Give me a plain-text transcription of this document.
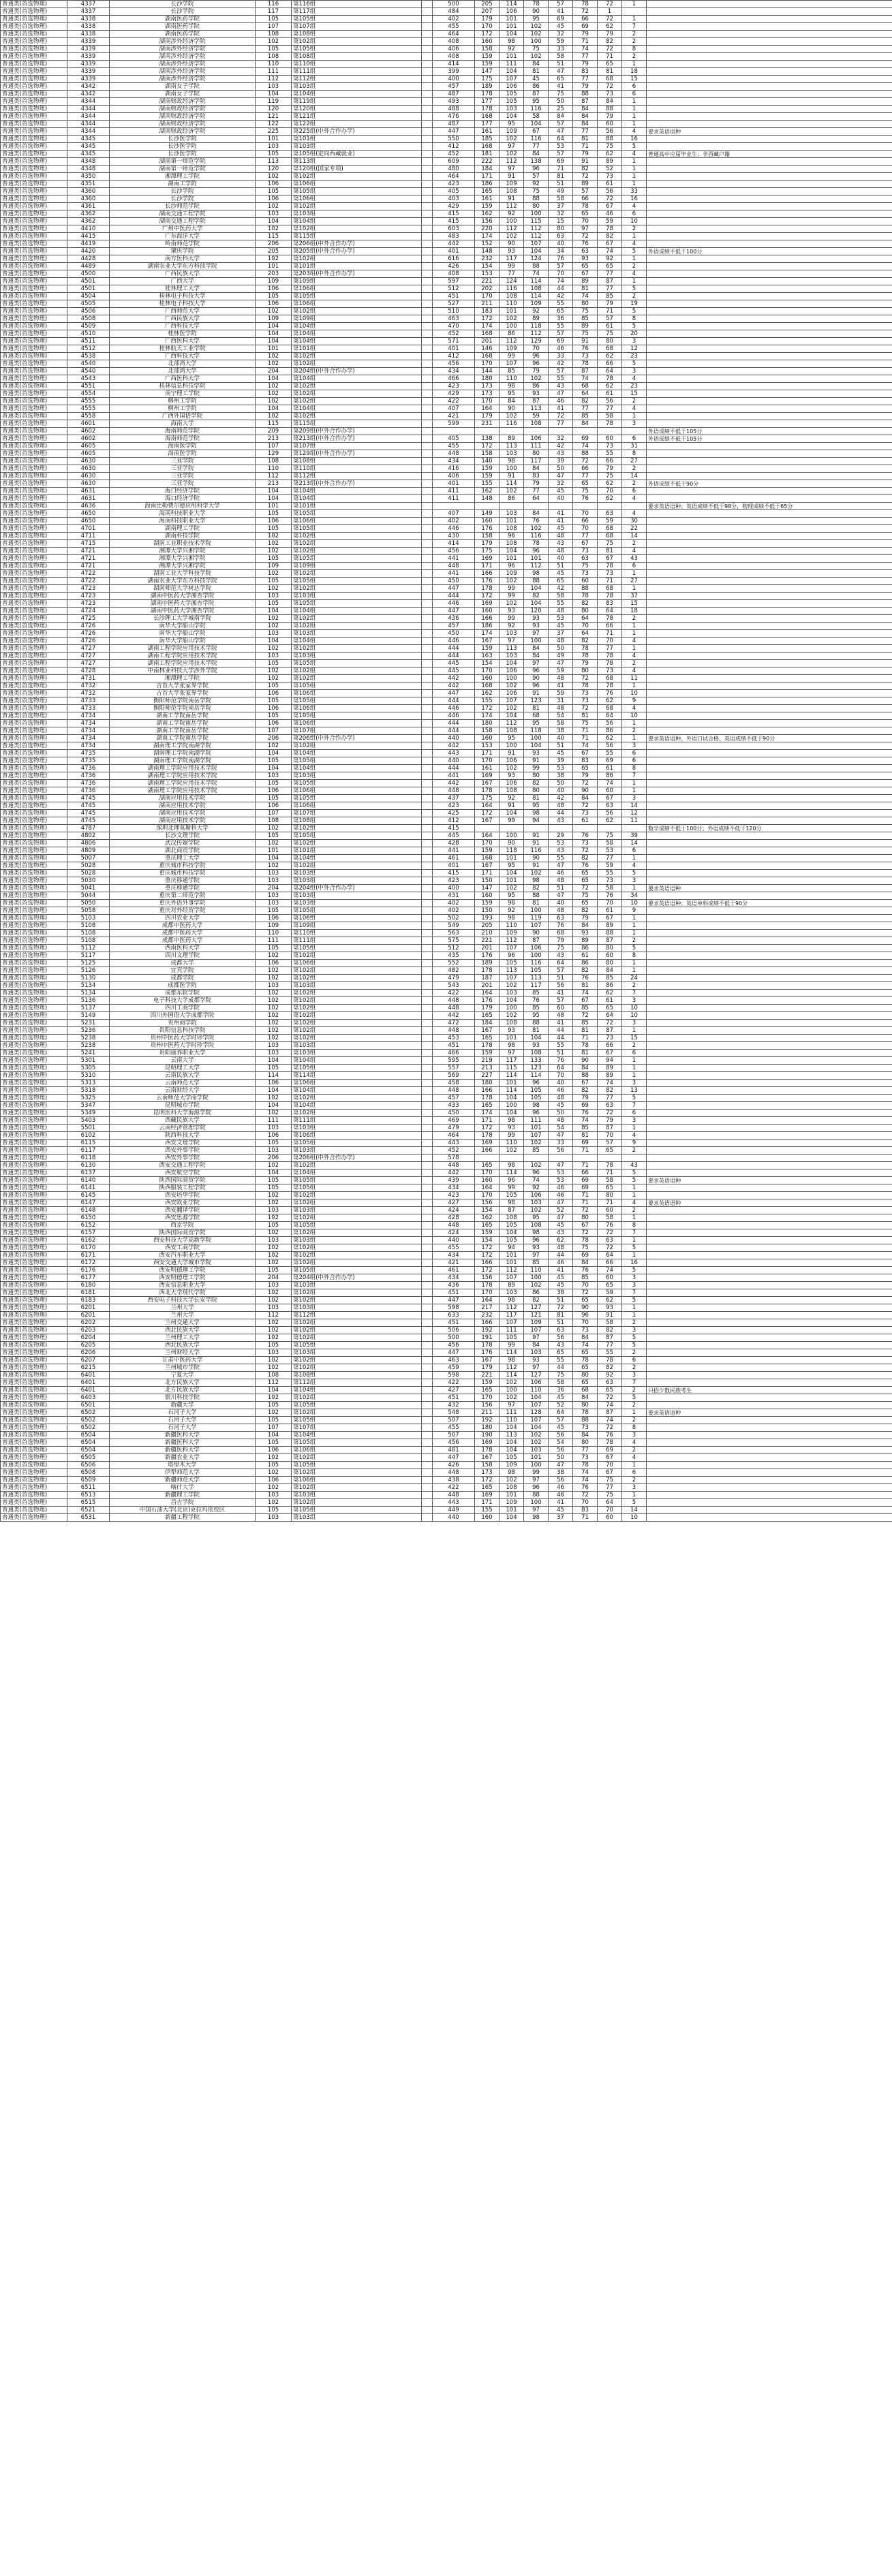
普通类(首选物理)	4337	长沙学院	116	第116组		500	205	114	78	57	78	72	1	
普通类(首选物理)	4337	长沙学院	117	第117组		484	207	106	90	41	72	1		
普通类(首选物理)	4338	湖南医药学院	105	第105组		402	179	101	95	69	66	72	1	
普通类(首选物理)	4338	湖南医药学院	107	第107组		455	170	101	102	45	69	62	7	
普通类(首选物理)	4338	湖南医药学院	108	第108组		464	172	104	102	32	79	79	2	
普通类(首选物理)	4339	湖南涉外经济学院	102	第102组		408	160	98	100	59	71	82	2	
普通类(首选物理)	4339	湖南涉外经济学院	105	第105组		406	158	92	75	33	74	72	8	
普通类(首选物理)	4339	湖南涉外经济学院	108	第108组		408	159	101	102	58	77	71	2	
普通类(首选物理)	4339	湖南涉外经济学院	110	第110组		414	159	111	84	51	79	65	1	
普通类(首选物理)	4339	湖南涉外经济学院	111	第111组		399	147	104	81	47	83	81	18	
普通类(首选物理)	4339	湖南涉外经济学院	112	第112组		400	175	107	45	65	77	68	15	
普通类(首选物理)	4342	湖南女子学院	103	第103组		457	189	106	86	41	79	72	6	
普通类(首选物理)	4342	湖南女子学院	104	第104组		487	178	105	87	75	88	73	6	
普通类(首选物理)	4344	湖南财政经济学院	119	第119组		493	177	105	95	50	87	84	1	
普通类(首选物理)	4344	湖南财政经济学院	120	第120组		488	178	103	116	25	84	88	1	
普通类(首选物理)	4344	湖南财政经济学院	121	第121组		476	168	104	58	84	84	79	1	
普通类(首选物理)	4344	湖南财政经济学院	122	第122组		487	177	95	104	57	84	60	1	
普通类(首选物理)	4344	湖南财政经济学院	225	第225组(中外合作办学)		447	161	109	67	47	77	56	4	要求英语语种
普通类(首选物理)	4345	长沙医学院	101	第101组		550	185	102	116	64	81	88	16	
普通类(首选物理)	4345	长沙医学院	103	第103组		412	168	97	77	53	71	75	5	
普通类(首选物理)	4345	长沙医学院	105	第105组(定向西藏就业)		452	181	102	84	57	79	62	4	普通高中应届毕业生；非西藏户籍
普通类(首选物理)	4348	湖南第一师范学院	113	第113组		609	222	112	138	69	91	89	1	
普通类(首选物理)	4348	湖南第一师范学院	120	第120组(国家专项)		480	184	97	96	71	82	52	1	
普通类(首选物理)	4350	湘潭理工学院	102	第102组		464	171	91	57	81	72	73	1	
普通类(首选物理)	4351	湖南工学院	106	第106组		423	186	109	92	51	89	61	1	
普通类(首选物理)	4360	长沙学院	105	第105组		405	165	108	75	49	57	56	33	
普通类(首选物理)	4360	长沙学院	106	第106组		403	161	91	88	58	66	72	16	
普通类(首选物理)	4361	长沙师范学院	102	第102组		429	159	112	80	37	78	67	4	
普通类(首选物理)	4362	湖南交通工程学院	103	第103组		415	162	92	100	32	65	46	6	
普通类(首选物理)	4362	湖南交通工程学院	104	第104组		415	156	100	115	15	70	59	10	
普通类(首选物理)	4410	广州中医药大学	102	第102组		603	220	112	112	80	97	78	2	
普通类(首选物理)	4415	广东海洋大学	115	第115组		483	174	102	112	63	72	82	1	
普通类(首选物理)	4419	岭南师范学院	206	第206组(中外合作办学)		442	152	90	107	40	76	67	4	
普通类(首选物理)	4420	肇庆学院	205	第205组(中外合作办学)		401	148	93	104	34	63	74	5	外语成绩不低于100分
普通类(首选物理)	4428	南方医科大学	102	第102组		616	232	117	124	76	93	92	1	
普通类(首选物理)	4489	湖南农业大学东方科技学院	101	第101组		426	154	99	88	57	65	65	2	
普通类(首选物理)	4500	广西民族大学	203	第203组(中外合作办学)		408	153	77	74	70	67	77	4	
普通类(首选物理)	4501	广西大学	109	第109组		597	221	124	114	74	89	87	1	
普通类(首选物理)	4501	桂林理工大学	106	第106组		512	202	116	108	44	81	77	5	
普通类(首选物理)	4504	桂林电子科技大学	105	第105组		451	170	108	114	42	74	85	2	
普通类(首选物理)	4505	桂林电子科技大学	106	第106组		527	211	110	109	55	80	79	19	
普通类(首选物理)	4506	广西师范大学	102	第102组		510	183	101	92	65	75	71	5	
普通类(首选物理)	4508	广西民族大学	109	第109组		463	172	102	89	36	85	57	8	
普通类(首选物理)	4509	广西科技大学	104	第104组		470	174	100	118	55	89	61	5	
普通类(首选物理)	4510	桂林医学院	104	第104组		452	168	86	112	57	75	75	20	
普通类(首选物理)	4511	广西医科大学	104	第104组		571	201	112	129	69	91	80	3	
普通类(首选物理)	4512	桂林航天工业学院	101	第101组		401	146	109	70	46	76	68	12	
普通类(首选物理)	4538	广西科技大学	102	第102组		412	168	99	96	33	73	62	23	
普通类(首选物理)	4540	北部湾大学	102	第102组		456	170	107	96	42	78	66	5	
普通类(首选物理)	4540	北部湾大学	204	第204组(中外合作办学)		434	144	85	79	57	87	64	3	
普通类(首选物理)	4543	广西医科大学	104	第104组		466	180	110	102	55	74	78	4	
普通类(首选物理)	4551	桂林信息科技学院	102	第102组		423	173	98	86	43	68	62	23	
普通类(首选物理)	4554	南宁理工学院	102	第102组		429	173	95	93	47	64	61	15	
普通类(首选物理)	4555	柳州工学院	102	第102组		422	170	84	87	46	82	56	2	
普通类(首选物理)	4555	柳州工学院	104	第104组		407	164	90	113	41	77	77	4	
普通类(首选物理)	4558	广西外国语学院	102	第102组		421	179	102	59	72	85	58	1	
普通类(首选物理)	4601	海南大学	115	第115组		599	231	116	108	77	84	78	3	
普通类(首选物理)	4602	海南师范学院	209	第209组(中外合作办学)										外语成绩不低于105分
普通类(首选物理)	4602	海南师范学院	213	第213组(中外合作办学)		405	138	89	106	32	69	60	6	外语成绩不低于105分
普通类(首选物理)	4605	海南医学院	107	第107组		455	172	113	111	42	74	73	31	
普通类(首选物理)	4605	海南医学院	129	第129组(中外合作办学)		448	158	103	80	43	88	55	8	
普通类(首选物理)	4630	三亚学院	108	第108组		434	140	98	117	39	72	66	27	
普通类(首选物理)	4630	三亚学院	110	第110组		416	159	100	84	50	66	79	2	
普通类(首选物理)	4630	三亚学院	112	第112组		406	159	91	83	47	77	75	14	
普通类(首选物理)	4630	三亚学院	213	第213组(中外合作办学)		401	155	114	79	32	65	62	2	外语成绩不低于90分
普通类(首选物理)	4631	海口经济学院	104	第104组		411	162	102	77	45	75	70	6	
普通类(首选物理)	4631	海口经济学院	104	第104组		411	148	86	64	40	76	62	4	
普通类(首选物理)	4636	海南比勒费尔德应用科学大学	101	第101组										要求英语语种；英语成绩不低于98分，物理成绩不低于65分
普通类(首选物理)	4650	海南科技职业大学	105	第105组		407	149	103	84	41	70	63	4	
普通类(首选物理)	4650	海南科技职业大学	106	第106组		402	160	101	76	41	66	59	30	
普通类(首选物理)	4701	湖南理工学院	105	第105组		446	176	108	102	45	70	68	22	
普通类(首选物理)	4711	湖南科技学院	102	第102组		430	158	96	116	48	77	68	14	
普通类(首选物理)	4715	湖南工业职业技术学院	102	第102组		414	179	108	78	43	67	75	2	
普通类(首选物理)	4721	湘潭大学兴湘学院	102	第102组		456	175	104	96	48	73	81	4	
普通类(首选物理)	4721	湘潭大学兴湘学院	105	第105组		441	169	101	101	40	63	67	43	
普通类(首选物理)	4721	湘潭大学兴湘学院	109	第109组		448	171	96	112	51	75	78	6	
普通类(首选物理)	4722	湖南工业大学科技学院	102	第102组		441	166	109	98	45	73	73	1	
普通类(首选物理)	4722	湖南农业大学东方科技学院	105	第105组		450	176	102	88	65	60	71	27	
普通类(首选物理)	4723	湖南师范大学树达学院	102	第102组		447	178	99	104	42	88	68	1	
普通类(首选物理)	4723	湖南中医药大学湘杏学院	103	第103组		444	172	99	82	58	78	78	37	
普通类(首选物理)	4723	湖南中医药大学湘杏学院	105	第105组		446	169	102	104	55	82	83	15	
普通类(首选物理)	4724	湖南中医药大学湘杏学院	104	第104组		447	160	93	120	48	80	64	18	
普通类(首选物理)	4725	长沙理工大学城南学院	102	第102组		436	166	99	93	53	64	78	2	
普通类(首选物理)	4726	南华大学船山学院	102	第102组		457	186	92	93	45	70	66	1	
普通类(首选物理)	4726	南华大学船山学院	103	第103组		450	174	103	97	37	64	71	1	
普通类(首选物理)	4726	南华大学船山学院	104	第104组		446	167	97	100	48	82	70	4	
普通类(首选物理)	4727	湖南工程学院应用技术学院	102	第102组		444	159	113	84	50	78	77	1	
普通类(首选物理)	4727	湖南工程学院应用技术学院	103	第103组		444	163	103	84	49	78	78	4	
普通类(首选物理)	4727	湖南工程学院应用技术学院	105	第105组		445	154	104	97	47	79	78	2	
普通类(首选物理)	4728	中南林业科技大学涉外学院	102	第102组		445	170	106	96	59	80	73	4	
普通类(首选物理)	4731	湘潭理工学院	102	第102组		442	160	100	90	48	72	68	11	
普通类(首选物理)	4732	吉首大学张家界学院	105	第105组		442	168	102	96	41	78	78	1	
普通类(首选物理)	4732	吉首大学张家界学院	106	第106组		447	162	106	91	59	73	76	10	
普通类(首选物理)	4733	衡阳师范学院南岳学院	105	第105组		444	155	107	123	31	73	62	9	
普通类(首选物理)	4733	衡阳师范学院南岳学院	106	第106组		446	172	102	81	48	72	68	4	
普通类(首选物理)	4734	湖南工学院南岳学院	105	第105组		446	174	104	68	54	81	64	10	
普通类(首选物理)	4734	湖南工学院南岳学院	106	第106组		444	180	112	95	58	75	56	1	
普通类(首选物理)	4734	湖南工学院南岳学院	107	第107组		444	158	108	118	38	71	86	2	
普通类(首选物理)	4734	湖南工学院南岳学院	206	第206组(中外合作办学)		440	160	95	100	40	71	62	1	要求英语语种，外语口试合格，英语成绩不低于90分
普通类(首选物理)	4734	湖南理工学院南湖学院	102	第102组		442	153	100	104	51	74	56	3	
普通类(首选物理)	4735	湖南理工学院南湖学院	104	第104组		443	171	91	93	45	67	55	6	
普通类(首选物理)	4735	湖南理工学院南湖学院	105	第105组		440	170	106	91	39	83	69	6	
普通类(首选物理)	4736	湖南理工学院应用技术学院	104	第104组		444	161	102	99	53	65	61	8	
普通类(首选物理)	4736	湖南理工学院应用技术学院	103	第103组		441	169	93	80	38	79	86	7	
普通类(首选物理)	4736	湖南理工学院应用技术学院	105	第105组		442	167	106	82	50	72	74	1	
普通类(首选物理)	4736	湖南理工学院应用技术学院	106	第106组		448	178	108	80	40	90	60	1	
普通类(首选物理)	4745	湖南应用技术学院	105	第105组		437	175	92	81	42	84	67	3	
普通类(首选物理)	4745	湖南应用技术学院	106	第106组		423	164	91	95	48	72	63	14	
普通类(首选物理)	4745	湖南应用技术学院	107	第107组		425	172	104	98	44	73	56	12	
普通类(首选物理)	4745	湖南应用技术学院	108	第108组		412	167	99	94	43	61	62	11	
普通类(首选物理)	4787	深圳北理莫斯科大学	102	第102组		415								数学成绩不低于100分；外语成绩不低于120分
普通类(首选物理)	4802	长沙文理学院	105	第105组		445	164	100	91	29	76	75	39	
普通类(首选物理)	4806	武汉传媒学院	102	第102组		428	170	90	91	53	73	58	14	
普通类(首选物理)	4809	湖北商贸学院	101	第101组		441	159	118	116	43	72	53	6	
普通类(首选物理)	5007	重庆理工大学	104	第104组		461	168	101	90	55	82	77	1	
普通类(首选物理)	5028	重庆城市科技学院	102	第102组		401	167	95	91	47	76	59	4	
普通类(首选物理)	5028	重庆城市科技学院	103	第103组		415	171	104	102	46	65	55	5	
普通类(首选物理)	5030	重庆移通学院	103	第103组		423	150	101	98	48	65	73	3	
普通类(首选物理)	5041	重庆移通学院	204	第204组(中外合作办学)		400	147	102	82	51	72	58	1	要求英语语种
普通类(首选物理)	5044	重庆第二师范学院	103	第103组		431	160	95	88	47	75	76	34	
普通类(首选物理)	5050	重庆外语外事学院	103	第103组		402	159	98	81	40	65	70	10	要求英语语种；英语单科成绩不低于90分
普通类(首选物理)	5058	重庆对外经贸学院	105	第105组		402	150	92	100	48	82	61	9	
普通类(首选物理)	5103	四川农业大学	106	第106组		502	193	98	119	63	79	67	1	
普通类(首选物理)	5108	成都中医药大学	109	第109组		549	205	110	107	76	84	89	1	
普通类(首选物理)	5108	成都中医药大学	110	第110组		563	210	109	90	68	93	88	1	
普通类(首选物理)	5108	成都中医药大学	111	第111组		575	221	112	87	79	89	87	2	
普通类(首选物理)	5112	西南医科大学	105	第105组		512	201	107	106	75	86	80	5	
普通类(首选物理)	5117	四川文理学院	102	第102组		435	176	96	100	43	61	60	8	
普通类(首选物理)	5125	成都大学	106	第106组		552	189	105	116	64	86	80	1	
普通类(首选物理)	5126	宜宾学院	102	第102组		482	178	113	105	57	82	84	1	
普通类(首选物理)	5130	成都学院	102	第102组		479	187	107	113	51	76	85	24	
普通类(首选物理)	5134	成都医学院	103	第103组		543	201	102	117	56	81	86	2	
普通类(首选物理)	5134	成都东软学院	102	第102组		422	164	103	85	41	74	62	7	
普通类(首选物理)	5136	电子科技大学成都学院	102	第102组		448	176	104	76	57	67	61	3	
普通类(首选物理)	5137	四川工商学院	102	第102组		448	179	100	85	60	85	65	10	
普通类(首选物理)	5149	四川外国语大学成都学院	102	第102组		442	165	102	95	48	72	64	10	
普通类(首选物理)	5231	贵州商学院	102	第102组		472	184	108	88	41	85	72	3	
普通类(首选物理)	5236	贵阳信息科技学院	102	第102组		448	167	93	81	44	81	87	1	
普通类(首选物理)	5238	贵州中医药大学时珍学院	102	第102组		453	165	101	104	44	71	73	15	
普通类(首选物理)	5238	贵州中医药大学时珍学院	103	第103组		451	178	98	93	55	78	66	2	
普通类(首选物理)	5241	贵阳康养职业大学	103	第103组		466	159	97	108	51	81	67	6	
普通类(首选物理)	5301	云南大学	104	第104组		595	219	117	133	76	90	94	1	
普通类(首选物理)	5305	昆明理工大学	105	第105组		557	213	115	123	64	84	89	1	
普通类(首选物理)	5310	云南民族大学	114	第114组		569	227	114	114	70	88	89	1	
普通类(首选物理)	5313	云南师范大学	106	第106组		458	180	101	96	40	67	74	3	
普通类(首选物理)	5318	云南财经大学	104	第104组		448	166	114	105	46	82	82	13	
普通类(首选物理)	5325	云南师范大学商学院	102	第102组		457	178	104	105	48	79	77	5	
普通类(首选物理)	5347	昆明城市学院	104	第104组		433	165	100	98	45	69	63	7	
普通类(首选物理)	5349	昆明医科大学海源学院	102	第102组		450	174	104	96	50	76	72	6	
普通类(首选物理)	5403	西藏民族大学	111	第111组		469	171	98	111	48	74	79	3	
普通类(首选物理)	5501	云南经济管理学院	103	第103组		479	172	93	101	54	85	87	1	
普通类(首选物理)	6102	陕西科技大学	106	第106组		464	178	99	107	47	81	70	4	
普通类(首选物理)	6115	西安文理学院	105	第105组		443	169	110	102	33	69	57	9	
普通类(首选物理)	6117	西安外事学院	103	第103组		452	166	102	85	56	71	65	2	
普通类(首选物理)	6118	西安外事学院	206	第206组(中外合作办学)		578								
普通类(首选物理)	6130	西安交通工程学院	102	第102组		448	165	98	102	47	71	78	43	
普通类(首选物理)	6137	西安航空学院	104	第104组		442	170	114	96	53	66	71	5	
普通类(首选物理)	6140	陕西国际商贸学院	105	第105组		439	160	96	74	53	69	58	5	要求英语语种
普通类(首选物理)	6141	陕西服装工程学院	105	第105组		434	164	99	92	46	69	65	1	
普通类(首选物理)	6145	西安培华学院	102	第102组		423	170	105	106	46	71	80	1	
普通类(首选物理)	6147	西安欧亚学院	102	第102组		427	156	98	103	47	71	71	4	要求英语语种
普通类(首选物理)	6148	西安翻译学院	103	第103组		424	154	87	102	52	72	60	2	
普通类(首选物理)	6150	西安思源学院	102	第102组		428	162	108	95	47	80	58	1	
普通类(首选物理)	6152	西京学院	105	第105组		448	165	105	108	45	67	76	8	
普通类(首选物理)	6157	陕西国际商贸学院	102	第102组		424	159	104	98	43	72	72	7	
普通类(首选物理)	6162	西安科技大学高新学院	103	第103组		440	154	105	96	62	78	63	1	
普通类(首选物理)	6170	西安工商学院	102	第102组		455	172	94	93	48	75	72	5	
普通类(首选物理)	6171	西安汽车职业大学	102	第102组		434	172	101	97	44	69	64	1	
普通类(首选物理)	6172	西安交通大学城市学院	102	第102组		421	166	101	85	46	84	66	16	
普通类(首选物理)	6176	西安明德理工学院	105	第105组		461	172	112	110	41	76	74	5	
普通类(首选物理)	6177	西安明德理工学院	204	第204组(中外合作办学)		434	156	107	100	45	85	60	3	
普通类(首选物理)	6180	西安信息职业大学	103	第103组		436	178	89	102	45	70	65	3	
普通类(首选物理)	6181	西北大学现代学院	102	第102组		451	170	103	86	38	72	59	7	
普通类(首选物理)	6183	西安电子科技大学长安学院	102	第102组		447	164	98	82	51	65	62	5	
普通类(首选物理)	6201	兰州大学	103	第103组		598	217	112	127	72	90	93	1	
普通类(首选物理)	6201	兰州大学	112	第112组		633	232	117	121	81	96	91	1	
普通类(首选物理)	6202	兰州交通大学	102	第102组		451	166	107	109	51	70	58	2	
普通类(首选物理)	6203	西北民族大学	102	第102组		506	192	111	107	63	73	82	3	
普通类(首选物理)	6204	兰州理工大学	102	第102组		500	191	105	97	56	84	87	5	
普通类(首选物理)	6205	西北民族大学	105	第105组		456	178	99	84	43	74	77	5	
普通类(首选物理)	6206	兰州财经大学	103	第103组		447	176	114	103	65	65	55	2	
普通类(首选物理)	6207	甘肃中医药大学	102	第102组		463	167	98	93	55	78	78	6	
普通类(首选物理)	6215	兰州城市学院	102	第102组		459	179	112	97	44	65	82	2	
普通类(首选物理)	6401	宁夏大学	108	第108组		598	221	114	127	75	80	92	3	
普通类(首选物理)	6401	北方民族大学	112	第112组		422	159	102	106	58	65	63	7	
普通类(首选物理)	6401	北方民族大学	104	第104组		427	165	100	110	36	68	65	2	只招少数民族考生
普通类(首选物理)	6403	银川科技学院	102	第102组		451	170	102	104	45	84	72	5	
普通类(首选物理)	6501	新疆大学	105	第105组		432	156	97	107	52	80	74	2	
普通类(首选物理)	6502	石河子大学	102	第102组		548	211	111	128	64	78	87	1	要求英语语种
普通类(首选物理)	6502	石河子大学	105	第105组		507	192	110	107	57	88	74	2	
普通类(首选物理)	6502	石河子大学	107	第107组		455	180	104	104	45	73	72	8	
普通类(首选物理)	6504	新疆医科大学	104	第104组		507	190	113	102	56	84	76	3	
普通类(首选物理)	6504	新疆医科大学	105	第105组		456	169	104	102	54	80	78	4	
普通类(首选物理)	6504	新疆医科大学	106	第106组		481	178	104	103	56	77	69	2	
普通类(首选物理)	6505	新疆农业大学	102	第102组		447	167	105	101	50	73	67	4	
普通类(首选物理)	6506	塔里木大学	105	第105组		426	158	109	100	47	78	70	1	
普通类(首选物理)	6508	伊犁师范大学	102	第102组		448	173	98	99	38	74	67	6	
普通类(首选物理)	6509	新疆师范大学	106	第106组		438	172	102	97	56	74	75	2	
普通类(首选物理)	6511	喀什大学	102	第102组		422	165	108	96	46	76	77	3	
普通类(首选物理)	6513	新疆理工学院	103	第103组		448	169	101	88	46	72	75	1	
普通类(首选物理)	6515	昌吉学院	102	第102组		443	171	109	100	41	70	64	5	
普通类(首选物理)	6521	中国石油大学(北京)克拉玛依校区	105	第105组		449	155	101	97	45	83	70	14	
普通类(首选物理)	6531	新疆工程学院	103	第103组		440	160	104	98	37	71	60	10	
